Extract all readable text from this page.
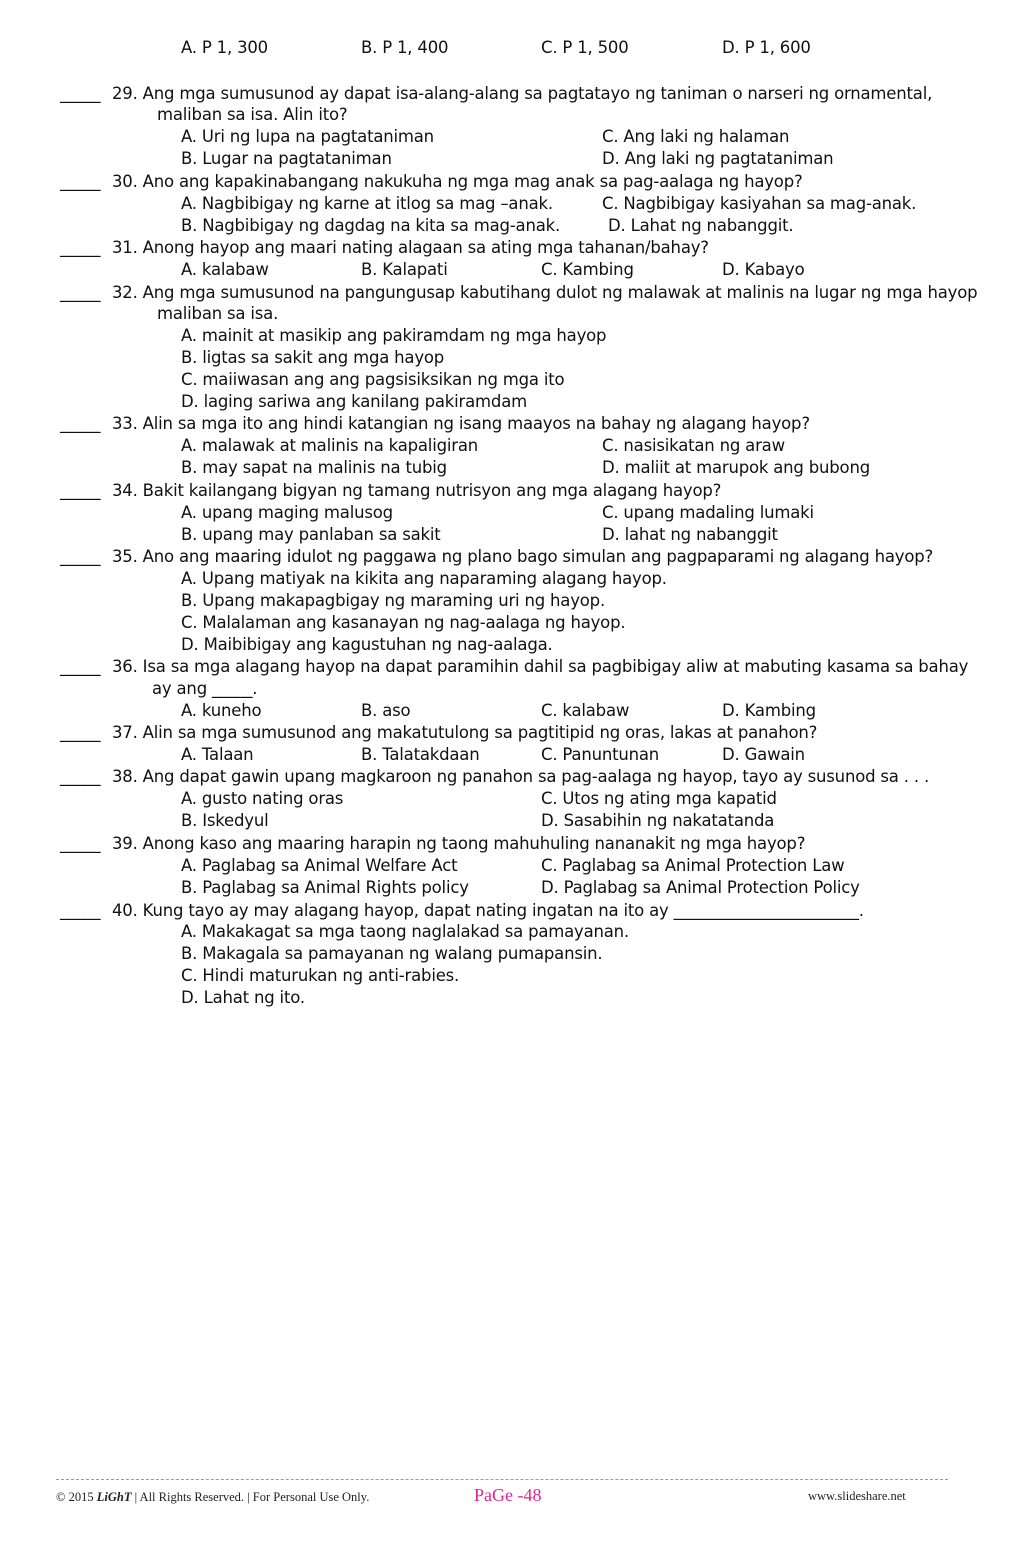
A. P 1, 300	B. P 1, 400	C. P 1, 500	D. P 1, 600
_____ 29. Ang mga sumusunod ay dapat isa-alang-alang sa pagtatayo ng taniman o narseri ng ornamental,
maliban sa isa. Alin ito?
A. Uri ng lupa na pagtataniman	C. Ang laki ng halaman
B. Lugar na pagtataniman	D. Ang laki ng pagtataniman
_____ 30. Ano ang kapakinabangang nakukuha ng mga mag anak sa pag-aalaga ng hayop?
A. Nagbibigay ng karne at itlog sa mag –anak.	C. Nagbibigay kasiyahan sa mag-anak.
B. Nagbibigay ng dagdag na kita sa mag-anak.	D. Lahat ng nabanggit.
_____ 31. Anong hayop ang maari nating alagaan sa ating mga tahanan/bahay?
A. kalabaw	B. Kalapati	C. Kambing	D. Kabayo
_____ 32. Ang mga sumusunod na pangungusap kabutihang dulot ng malawak at malinis na lugar ng mga hayop
maliban sa isa.
A. mainit at masikip ang pakiramdam ng mga hayop
B. ligtas sa sakit ang mga hayop
C. maiiwasan ang ang pagsisiksikan ng mga ito
D. laging sariwa ang kanilang pakiramdam
_____ 33. Alin sa mga ito ang hindi katangian ng isang maayos na bahay ng alagang hayop?
A. malawak at malinis na kapaligiran	C. nasisikatan ng araw
B. may sapat na malinis na tubig	D. maliit at marupok ang bubong
_____ 34. Bakit kailangang bigyan ng tamang nutrisyon ang mga alagang hayop?
A. upang maging malusog	C. upang madaling lumaki
B. upang may panlaban sa sakit	D. lahat ng nabanggit
_____ 35. Ano ang maaring idulot ng paggawa ng plano bago simulan ang pagpaparami ng alagang hayop?
A. Upang matiyak na kikita ang naparaming alagang hayop.
B. Upang makapagbigay ng maraming uri ng hayop.
C. Malalaman ang kasanayan ng nag-aalaga ng hayop.
D. Maibibigay ang kagustuhan ng nag-aalaga.
_____ 36. Isa sa mga alagang hayop na dapat paramihin dahil sa pagbibigay aliw at mabuting kasama sa bahay
ay ang _____.
A. kuneho	B. aso	C. kalabaw	D. Kambing
_____ 37. Alin sa mga sumusunod ang makatutulong sa pagtitipid ng oras, lakas at panahon?
A. Talaan	B. Talatakdaan	C. Panuntunan	D. Gawain
_____ 38. Ang dapat gawin upang magkaroon ng panahon sa pag-aalaga ng hayop, tayo ay susunod sa . . .
A. gusto nating oras	C. Utos ng ating mga kapatid
B. Iskedyul	D. Sasabihin ng nakatatanda
_____ 39. Anong kaso ang maaring harapin ng taong mahuhuling nananakit ng mga hayop?
A. Paglabag sa Animal Welfare Act	C. Paglabag sa Animal Protection Law
B. Paglabag sa Animal Rights policy	D. Paglabag sa Animal Protection Policy
_____ 40. Kung tayo ay may alagang hayop, dapat nating ingatan na ito ay _______________________.
A. Makakagat sa mga taong naglalakad sa pamayanan.
B. Makagala sa pamayanan ng walang pumapansin.
C. Hindi maturukan ng anti-rabies.
D. Lahat ng ito.
© 2015 LiGhT | All Rights Reserved. | For Personal Use Only.	PaGe -48	www.slideshare.net
